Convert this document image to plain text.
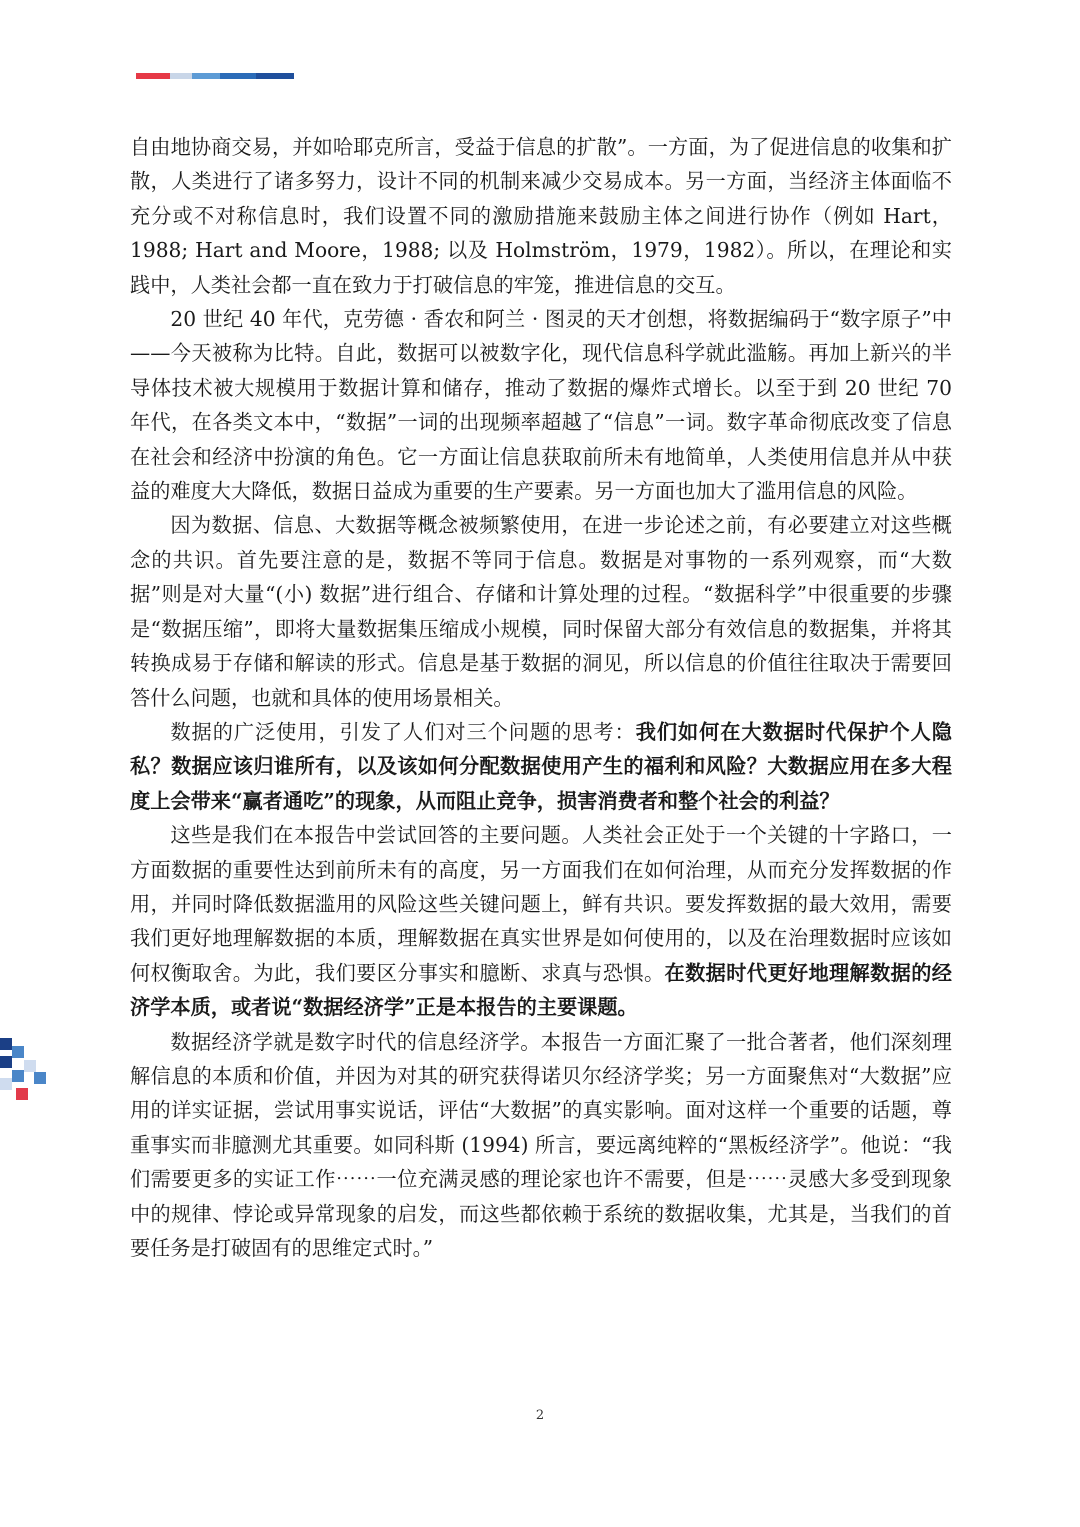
自由地协商交易，并如哈耶克所言，受益于信息的扩散”。一方面，为了促进信息的收集和扩散，人类进行了诸多努力，设计不同的机制来减少交易成本。另一方面，当经济主体面临不充分或不对称信息时，我们设置不同的激励措施来鼓励主体之间进行协作（例如 Hart，1988; Hart and Moore，1988; 以及 Holmström，1979，1982）。所以，在理论和实践中，人类社会都一直在致力于打破信息的牢笼，推进信息的交互。

20 世纪 40 年代，克劳德 · 香农和阿兰 · 图灵的天才创想，将数据编码于“数字原子”中——今天被称为比特。自此，数据可以被数字化，现代信息科学就此滥觞。再加上新兴的半导体技术被大规模用于数据计算和储存，推动了数据的爆炸式增长。以至于到 20 世纪 70 年代，在各类文本中，“数据”一词的出现频率超越了“信息”一词。数字革命彻底改变了信息在社会和经济中扮演的角色。它一方面让信息获取前所未有地简单，人类使用信息并从中获益的难度大大降低，数据日益成为重要的生产要素。另一方面也加大了滥用信息的风险。

因为数据、信息、大数据等概念被频繁使用，在进一步论述之前，有必要建立对这些概念的共识。首先要注意的是，数据不等同于信息。数据是对事物的一系列观察，而“大数据”则是对大量“(小) 数据”进行组合、存储和计算处理的过程。“数据科学”中很重要的步骤是“数据压缩”，即将大量数据集压缩成小规模，同时保留大部分有效信息的数据集，并将其转换成易于存储和解读的形式。信息是基于数据的洞见，所以信息的价值往往取决于需要回答什么问题，也就和具体的使用场景相关。

数据的广泛使用，引发了人们对三个问题的思考：我们如何在大数据时代保护个人隐私？数据应该归谁所有，以及该如何分配数据使用产生的福利和风险？大数据应用在多大程度上会带来“赢者通吃”的现象，从而阻止竞争，损害消费者和整个社会的利益？

这些是我们在本报告中尝试回答的主要问题。人类社会正处于一个关键的十字路口，一方面数据的重要性达到前所未有的高度，另一方面我们在如何治理，从而充分发挥数据的作用，并同时降低数据滥用的风险这些关键问题上，鲜有共识。要发挥数据的最大效用，需要我们更好地理解数据的本质，理解数据在真实世界是如何使用的，以及在治理数据时应该如何权衡取舍。为此，我们要区分事实和臆断、求真与恐惧。在数据时代更好地理解数据的经济学本质，或者说“数据经济学”正是本报告的主要课题。

数据经济学就是数字时代的信息经济学。本报告一方面汇聚了一批合著者，他们深刻理解信息的本质和价值，并因为对其的研究获得诺贝尔经济学奖；另一方面聚焦对“大数据”应用的详实证据，尝试用事实说话，评估“大数据”的真实影响。面对这样一个重要的话题，尊重事实而非臆测尤其重要。如同科斯 (1994) 所言，要远离纯粹的“黑板经济学”。他说：“我们需要更多的实证工作⋯⋯一位充满灵感的理论家也许不需要，但是⋯⋯灵感大多受到现象中的规律、悖论或异常现象的启发，而这些都依赖于系统的数据收集，尤其是，当我们的首要任务是打破固有的思维定式时。”

2
